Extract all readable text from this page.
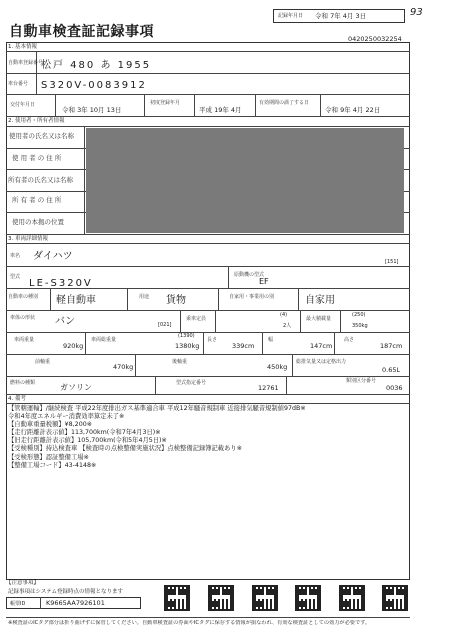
記録年月日 令和 7年 4月 3日	93
自動車検査証記録事項	0420250032254
1. 基本情報
自動車登録番号
松戸 480 あ 1955
車台番号 S320V-0083912
交付年月日
令和 3年 10月 13日
初度登録年月
平成 19年 4月
有効期間の満了する日
令和 9年 4月 22日
2. 使用者・所有者情報
使用者の氏名又は名称
使 用 者 の 住 所
所有者の氏名又は名称
所 有 者 の 住 所
使用の本拠の位置
3. 車両詳細情報
車名 ダイハツ	[151]
型式
LE-S320V
原動機の型式
EF
自動車の種別 軽自動車	用途 貨物	自家用・事業用の別	自家用
車体の形状 バン	[021]
乗車定員
(4)
2人
最大積載量
(250)
350kg
車両重量
920kg
車両総重量
(1390)
1380kg
長さ
339cm
幅
147cm
高さ
187cm
前軸重
470kg
後軸重
450kg
総排気量又は定格出力
0.65L
燃料の種類	ガソリン	型式指定番号
12761
類別区分番号
0036
4. 備考
【管轄運輸】/継続検査 平成22年度排出ガス基準適合車 平成12年騒音規制車 近接排気騒音規制値97dB※
令和4年度エネルギー消費効率算定未了※
【自動車重量税額】¥8,200※
【走行距離計表示値】113,700km(令和7年4月3日)※
【旧走行距離計表示値】105,700km(令和5年4月5日)※
【受検種別】持込検査車 【検査時の点検整備実施状況】点検整備記録簿記載あり※
【受検形態】認証整備工場※
【整備工場コード】43-4148※
【注意事項】
記録事項はシステム登録時点の情報となります
帳票ID	K9665AA7926101
※検査証のICタグ部分は折り曲げずに保管してください。自動車検査証の券面やICタグに保存する情報が損なわれ、有効な検査証としての効力が必要です。
